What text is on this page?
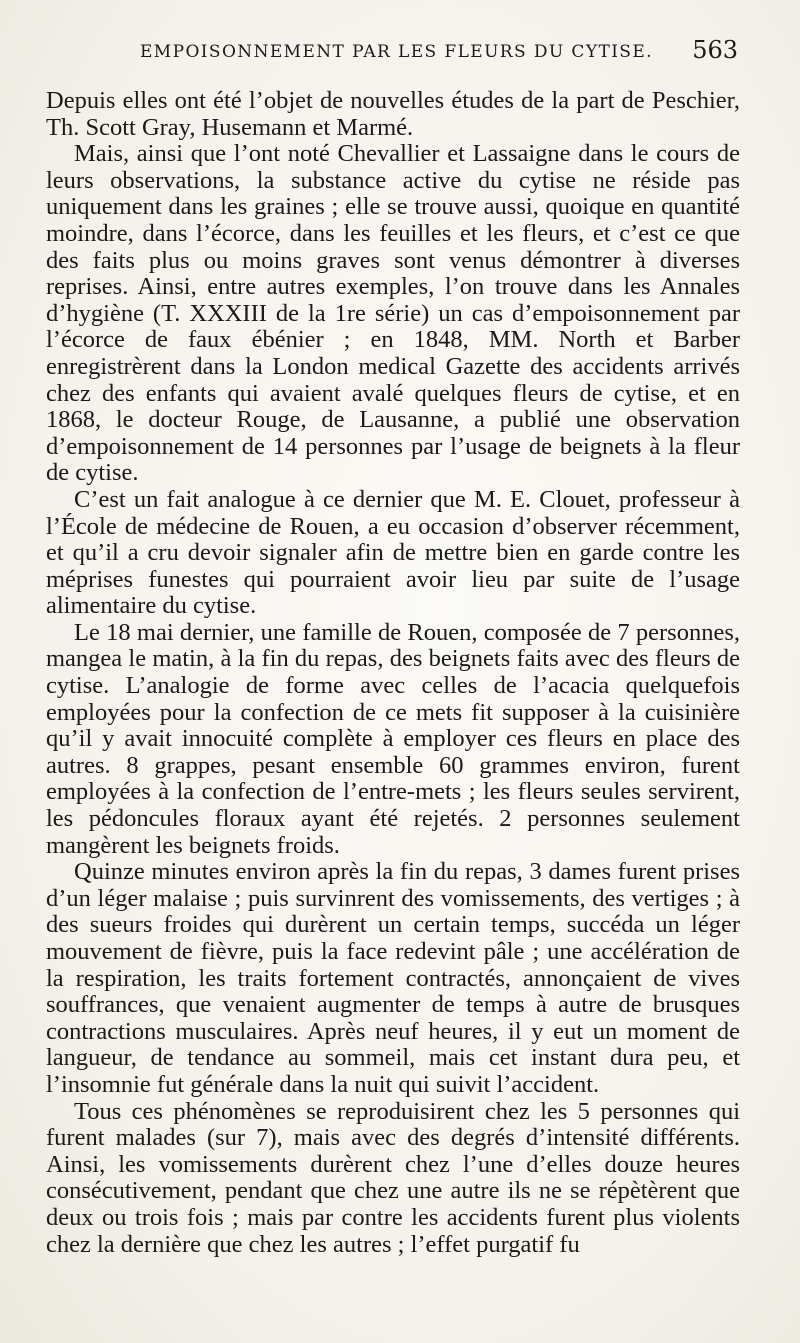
EMPOISONNEMENT PAR LES FLEURS DU CYTISE. 563

Depuis elles ont été l’objet de nouvelles études de la part de Peschier, Th. Scott Gray, Husemann et Marmé.

Mais, ainsi que l’ont noté Chevallier et Lassaigne dans le cours de leurs observations, la substance active du cytise ne réside pas uniquement dans les graines ; elle se trouve aussi, quoique en quantité moindre, dans l’écorce, dans les feuilles et les fleurs, et c’est ce que des faits plus ou moins graves sont venus démontrer à diverses reprises. Ainsi, entre autres exemples, l’on trouve dans les Annales d’hygiène (T. XXXIII de la 1re série) un cas d’empoisonnement par l’écorce de faux ébénier ; en 1848, MM. North et Barber enregistrèrent dans la London medical Gazette des accidents arrivés chez des enfants qui avaient avalé quelques fleurs de cytise, et en 1868, le docteur Rouge, de Lausanne, a publié une observation d’empoisonnement de 14 personnes par l’usage de beignets à la fleur de cytise.

C’est un fait analogue à ce dernier que M. E. Clouet, professeur à l’École de médecine de Rouen, a eu occasion d’observer récemment, et qu’il a cru devoir signaler afin de mettre bien en garde contre les méprises funestes qui pourraient avoir lieu par suite de l’usage alimentaire du cytise.

Le 18 mai dernier, une famille de Rouen, composée de 7 personnes, mangea le matin, à la fin du repas, des beignets faits avec des fleurs de cytise. L’analogie de forme avec celles de l’acacia quelquefois employées pour la confection de ce mets fit supposer à la cuisinière qu’il y avait innocuité complète à employer ces fleurs en place des autres. 8 grappes, pesant ensemble 60 grammes environ, furent employées à la confection de l’entre-mets ; les fleurs seules servirent, les pédoncules floraux ayant été rejetés. 2 personnes seulement mangèrent les beignets froids.

Quinze minutes environ après la fin du repas, 3 dames furent prises d’un léger malaise ; puis survinrent des vomissements, des vertiges ; à des sueurs froides qui durèrent un certain temps, succéda un léger mouvement de fièvre, puis la face redevint pâle ; une accélération de la respiration, les traits fortement contractés, annonçaient de vives souffrances, que venaient augmenter de temps à autre de brusques contractions musculaires. Après neuf heures, il y eut un moment de langueur, de tendance au sommeil, mais cet instant dura peu, et l’insomnie fut générale dans la nuit qui suivit l’accident.

Tous ces phénomènes se reproduisirent chez les 5 personnes qui furent malades (sur 7), mais avec des degrés d’intensité différents. Ainsi, les vomissements durèrent chez l’une d’elles douze heures consécutivement, pendant que chez une autre ils ne se répètèrent que deux ou trois fois ; mais par contre les accidents furent plus violents chez la dernière que chez les autres ; l’effet purgatif fu
